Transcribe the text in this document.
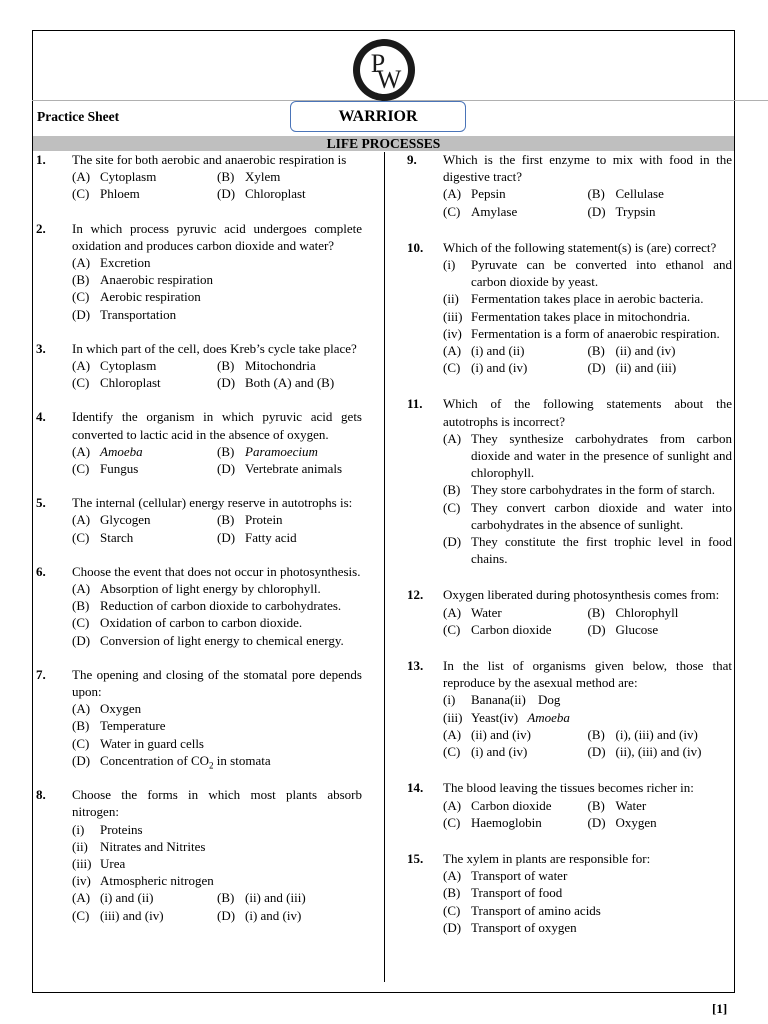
P
W
Practice Sheet	WARRIOR
LIFE PROCESSES
1.	The site for both aerobic and anaerobic respiration is
(A) Cytoplasm	(B) Xylem
(C) Phloem	(D) Chloroplast
2.	In which process pyruvic acid undergoes complete oxidation and produces carbon dioxide and water?
(A) Excretion
(B) Anaerobic respiration
(C) Aerobic respiration
(D) Transportation
3.	In which part of the cell, does Kreb’s cycle take place?
(A) Cytoplasm	(B) Mitochondria
(C) Chloroplast	(D) Both (A) and (B)
4.	Identify the organism in which pyruvic acid gets converted to lactic acid in the absence of oxygen.
(A) Amoeba	(B) Paramoecium
(C) Fungus	(D) Vertebrate animals
5.	The internal (cellular) energy reserve in autotrophs is:
(A) Glycogen	(B) Protein
(C) Starch	(D) Fatty acid
6.	Choose the event that does not occur in photosynthesis.
(A) Absorption of light energy by chlorophyll.
(B) Reduction of carbon dioxide to carbohydrates.
(C) Oxidation of carbon to carbon dioxide.
(D) Conversion of light energy to chemical energy.
7.	The opening and closing of the stomatal pore depends upon:
(A) Oxygen
(B) Temperature
(C) Water in guard cells
(D) Concentration of $CO_2$ in stomata
8.	Choose the forms in which most plants absorb nitrogen:
(i)	Proteins
(ii) Nitrates and Nitrites
(iii) Urea
(iv) Atmospheric nitrogen
(A) (i) and (ii)	(B) (ii) and (iii)
(C) (iii) and (iv)	(D) (i) and (iv)
9.	Which is the first enzyme to mix with food in the digestive tract?
(A) Pepsin	(B) Cellulase
(C) Amylase	(D) Trypsin
10.	Which of the following statement(s) is (are) correct?
(i)	Pyruvate can be converted into ethanol and carbon dioxide by yeast.
(ii) Fermentation takes place in aerobic bacteria.
(iii) Fermentation takes place in mitochondria.
(iv) Fermentation is a form of anaerobic respiration.
(A) (i) and (ii)	(B) (ii) and (iv)
(C) (i) and (iv)	(D) (ii) and (iii)
11.	Which of the following statements about the autotrophs is incorrect?
(A) They synthesize carbohydrates from carbon dioxide and water in the presence of sunlight and chlorophyll.
(B) They store carbohydrates in the form of starch.
(C) They convert carbon dioxide and water into carbohydrates in the absence of sunlight.
(D) They constitute the first trophic level in food chains.
12.	Oxygen liberated during photosynthesis comes from:
(A) Water	(B) Chlorophyll
(C) Carbon dioxide	(D) Glucose
13.	In the list of organisms given below, those that reproduce by the asexual method are:
(i)	Banana (ii) Dog
(iii) Yeast (iv) Amoeba
(A) (ii) and (iv)	(B) (i), (iii) and (iv)
(C) (i) and (iv)	(D) (ii), (iii) and (iv)
14.	The blood leaving the tissues becomes richer in:
(A) Carbon dioxide	(B) Water
(C) Haemoglobin	(D) Oxygen
15.	The xylem in plants are responsible for:
(A) Transport of water
(B) Transport of food
(C) Transport of amino acids
(D) Transport of oxygen
[1]
